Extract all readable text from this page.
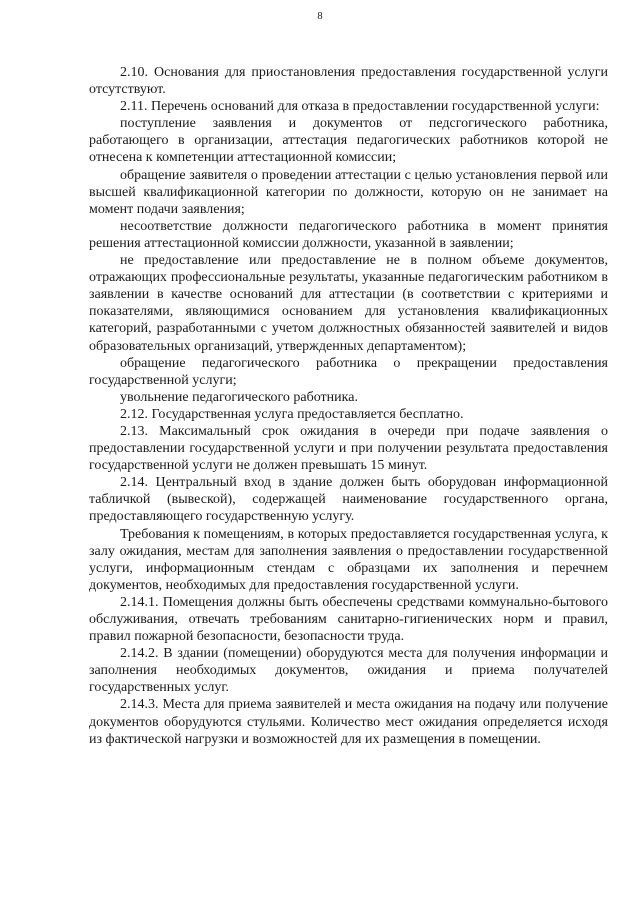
8

2.10. Основания для приостановления предоставления государственной услуги отсутствуют.

2.11. Перечень оснований для отказа в предоставлении государственной услуги:

поступление заявления и документов от педсгогического работника, работающего в организации, аттестация педагогических работников которой не отнесена к компетенции аттестационной комиссии;

обращение заявителя о проведении аттестации с целью установления первой или высшей квалификационной категории по должности, которую он не занимает на момент подачи заявления;

несоответствие должности педагогического работника в момент принятия решения аттестационной комиссии должности, указанной в заявлении;

не предоставление или предоставление не в полном объеме документов, отражающих профессиональные результаты, указанные педагогическим работником в заявлении в качестве оснований для аттестации (в соответствии с критериями и показателями, являющимися основанием для установления квалификационных категорий, разработанными с учетом должностных обязанностей заявителей и видов образовательных организаций, утвержденных департаментом);

обращение педагогического работника о прекращении предоставления государственной услуги;

увольнение педагогического работника.

2.12. Государственная услуга предоставляется бесплатно.

2.13. Максимальный срок ожидания в очереди при подаче заявления о предоставлении государственной услуги и при получении результата предоставления государственной услуги не должен превышать 15 минут.

2.14. Центральный вход в здание должен быть оборудован информационной табличкой (вывеской), содержащей наименование государственного органа, предоставляющего государственную услугу.

Требования к помещениям, в которых предоставляется государственная услуга, к залу ожидания, местам для заполнения заявления о предоставлении государственной услуги, информационным стендам с образцами их заполнения и перечнем документов, необходимых для предоставления государственной услуги.

2.14.1. Помещения должны быть обеспечены средствами коммунально-бытового обслуживания, отвечать требованиям санитарно-гигиенических норм и правил, правил пожарной безопасности, безопасности труда.

2.14.2. В здании (помещении) оборудуются места для получения информации и заполнения необходимых документов, ожидания и приема получателей государственных услуг.

2.14.3. Места для приема заявителей и места ожидания на подачу или получение документов оборудуются стульями. Количество мест ожидания определяется исходя из фактической нагрузки и возможностей для их размещения в помещении.
